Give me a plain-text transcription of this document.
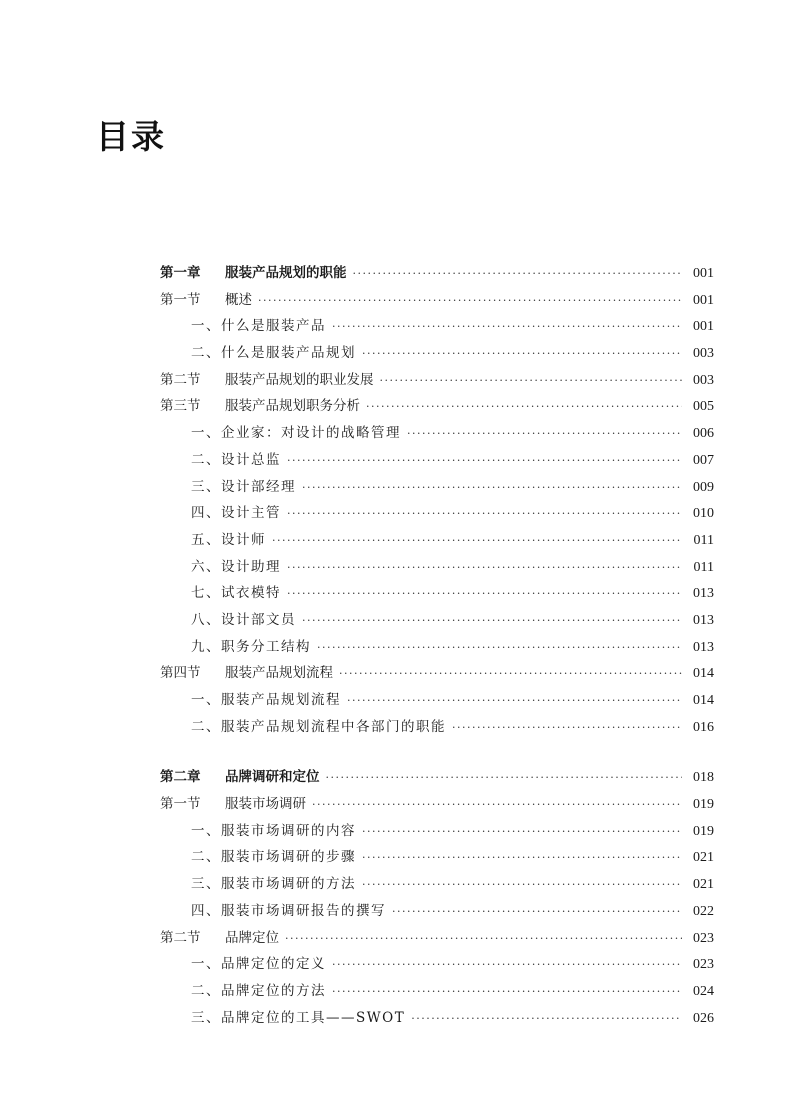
目录
第一章	服装产品规划的职能 ·····	001
第一节	概述 ·····	001
一、什么是服装产品 ·····	001
二、什么是服装产品规划 ·····	003
第二节	服装产品规划的职业发展 ·····	003
第三节	服装产品规划职务分析 ·····	005
一、企业家：对设计的战略管理 ·····	006
二、设计总监 ·····	007
三、设计部经理 ·····	009
四、设计主管 ·····	010
五、设计师 ·····	011
六、设计助理 ·····	011
七、试衣模特 ·····	013
八、设计部文员 ·····	013
九、职务分工结构 ·····	013
第四节	服装产品规划流程 ·····	014
一、服装产品规划流程 ·····	014
二、服装产品规划流程中各部门的职能 ·····	016
第二章	品牌调研和定位 ·····	018
第一节	服装市场调研 ·····	019
一、服装市场调研的内容 ·····	019
二、服装市场调研的步骤 ·····	021
三、服装市场调研的方法 ·····	021
四、服装市场调研报告的撰写 ·····	022
第二节	品牌定位 ·····	023
一、品牌定位的定义 ·····	023
二、品牌定位的方法 ·····	024
三、品牌定位的工具——SWOT ·····	026
